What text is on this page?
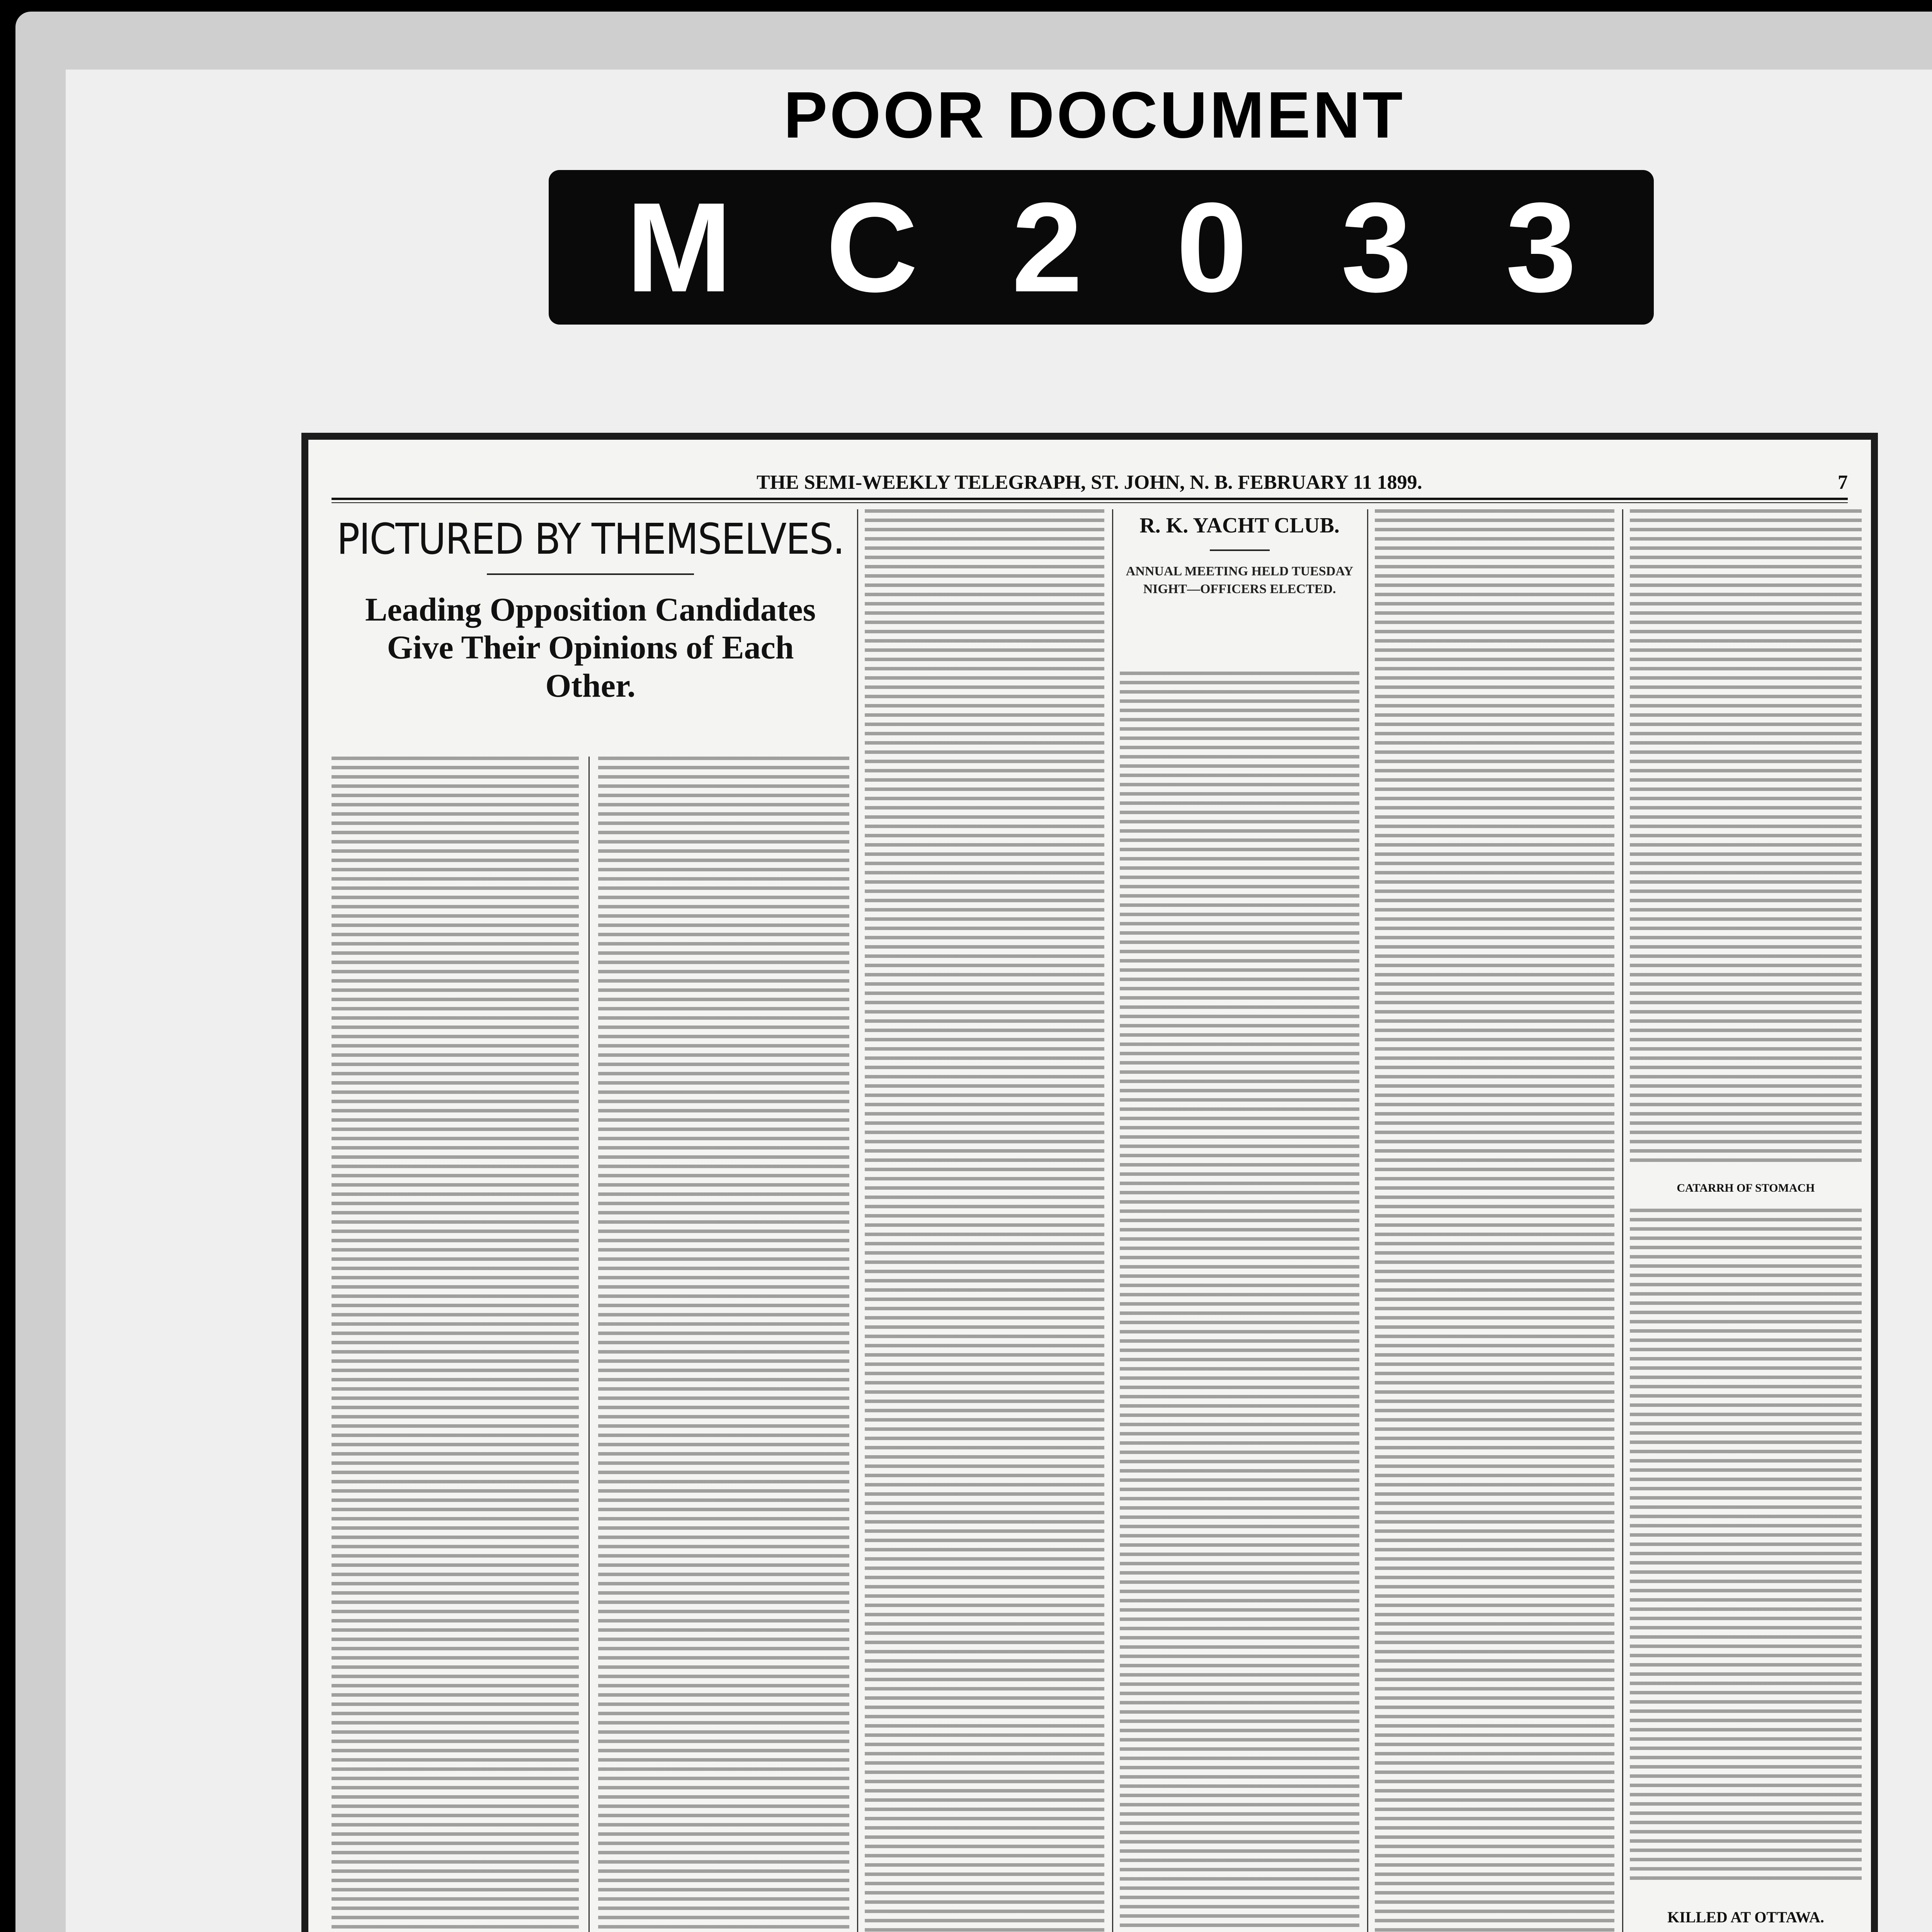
POOR DOCUMENT
M C 2 0 3 3
THE SEMI-WEEKLY TELEGRAPH, ST. JOHN, N. B. FEBRUARY 11 1899.	7
PICTURED BY THEMSELVES.
Leading Opposition Candidates Give Their Opinions of Each Other.
R. K. YACHT CLUB.
ANNUAL MEETING HELD TUESDAY NIGHT—OFFICERS ELECTED.
CATARRH OF STOMACH
KILLED AT OTTAWA.
